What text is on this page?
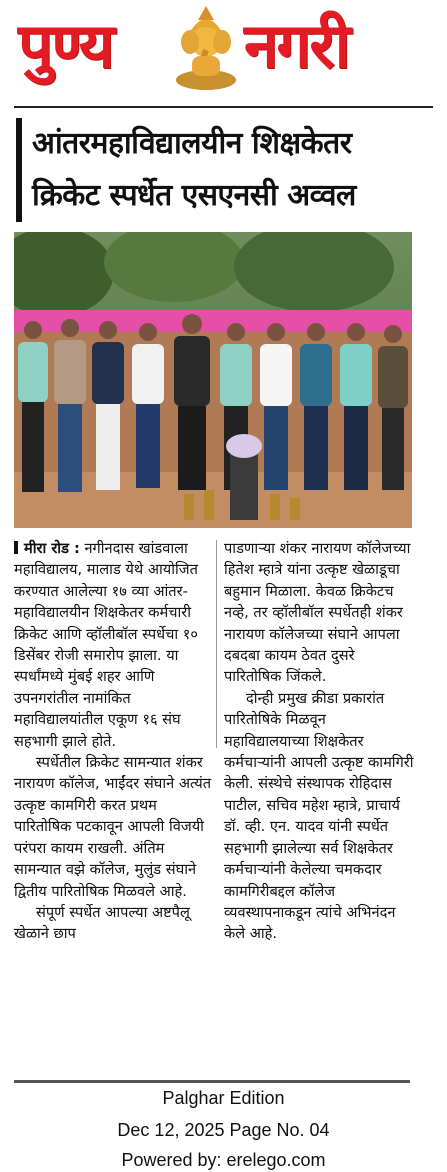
पुण्य नगरी
आंतरमहाविद्यालयीन शिक्षकेतर
क्रिकेट स्पर्धेत एसएनसी अव्वल

मीरा रोड : नगीनदास खांडवाला महाविद्यालय, मालाड येथे आयोजित करण्यात आलेल्या १७ व्या आंतर-महाविद्यालयीन शिक्षकेतर कर्मचारी क्रिकेट आणि व्हॉलीबॉल स्पर्धेचा १० डिसेंबर रोजी समारोप झाला. या स्पर्धांमध्ये मुंबई शहर आणि उपनगरांतील नामांकित महाविद्यालयांतील एकूण १६ संघ सहभागी झाले होते.

स्पर्धेतील क्रिकेट सामन्यात शंकर नारायण कॉलेज, भाईंदर संघाने अत्यंत उत्कृष्ट कामगिरी करत प्रथम पारितोषिक पटकावून आपली विजयी परंपरा कायम राखली. अंतिम सामन्यात वझे कॉलेज, मुलुंड संघाने द्वितीय पारितोषिक मिळवले आहे.

संपूर्ण स्पर्धेत आपल्या अष्टपैलू खेळाने छाप

पाडणाऱ्या शंकर नारायण कॉलेजच्या हितेश म्हात्रे यांना उत्कृष्ट खेळाडूचा बहुमान मिळाला. केवळ क्रिकेटच नव्हे, तर व्हॉलीबॉल स्पर्धेतही शंकर नारायण कॉलेजच्या संघाने आपला दबदबा कायम ठेवत दुसरे पारितोषिक जिंकले.

दोन्ही प्रमुख क्रीडा प्रकारांत पारितोषिके मिळवून महाविद्यालयाच्या शिक्षकेतर कर्मचाऱ्यांनी आपली उत्कृष्ट कामगिरी केली. संस्थेचे संस्थापक रोहिदास पाटील, सचिव महेश म्हात्रे, प्राचार्य डॉ. व्ही. एन. यादव यांनी स्पर्धेत सहभागी झालेल्या सर्व शिक्षकेतर कर्मचाऱ्यांनी केलेल्या चमकदार कामगिरीबद्दल कॉलेज व्यवस्थापनाकडून त्यांचे अभिनंदन केले आहे.

Palghar Edition
Dec 12, 2025 Page No. 04
Powered by: erelego.com
